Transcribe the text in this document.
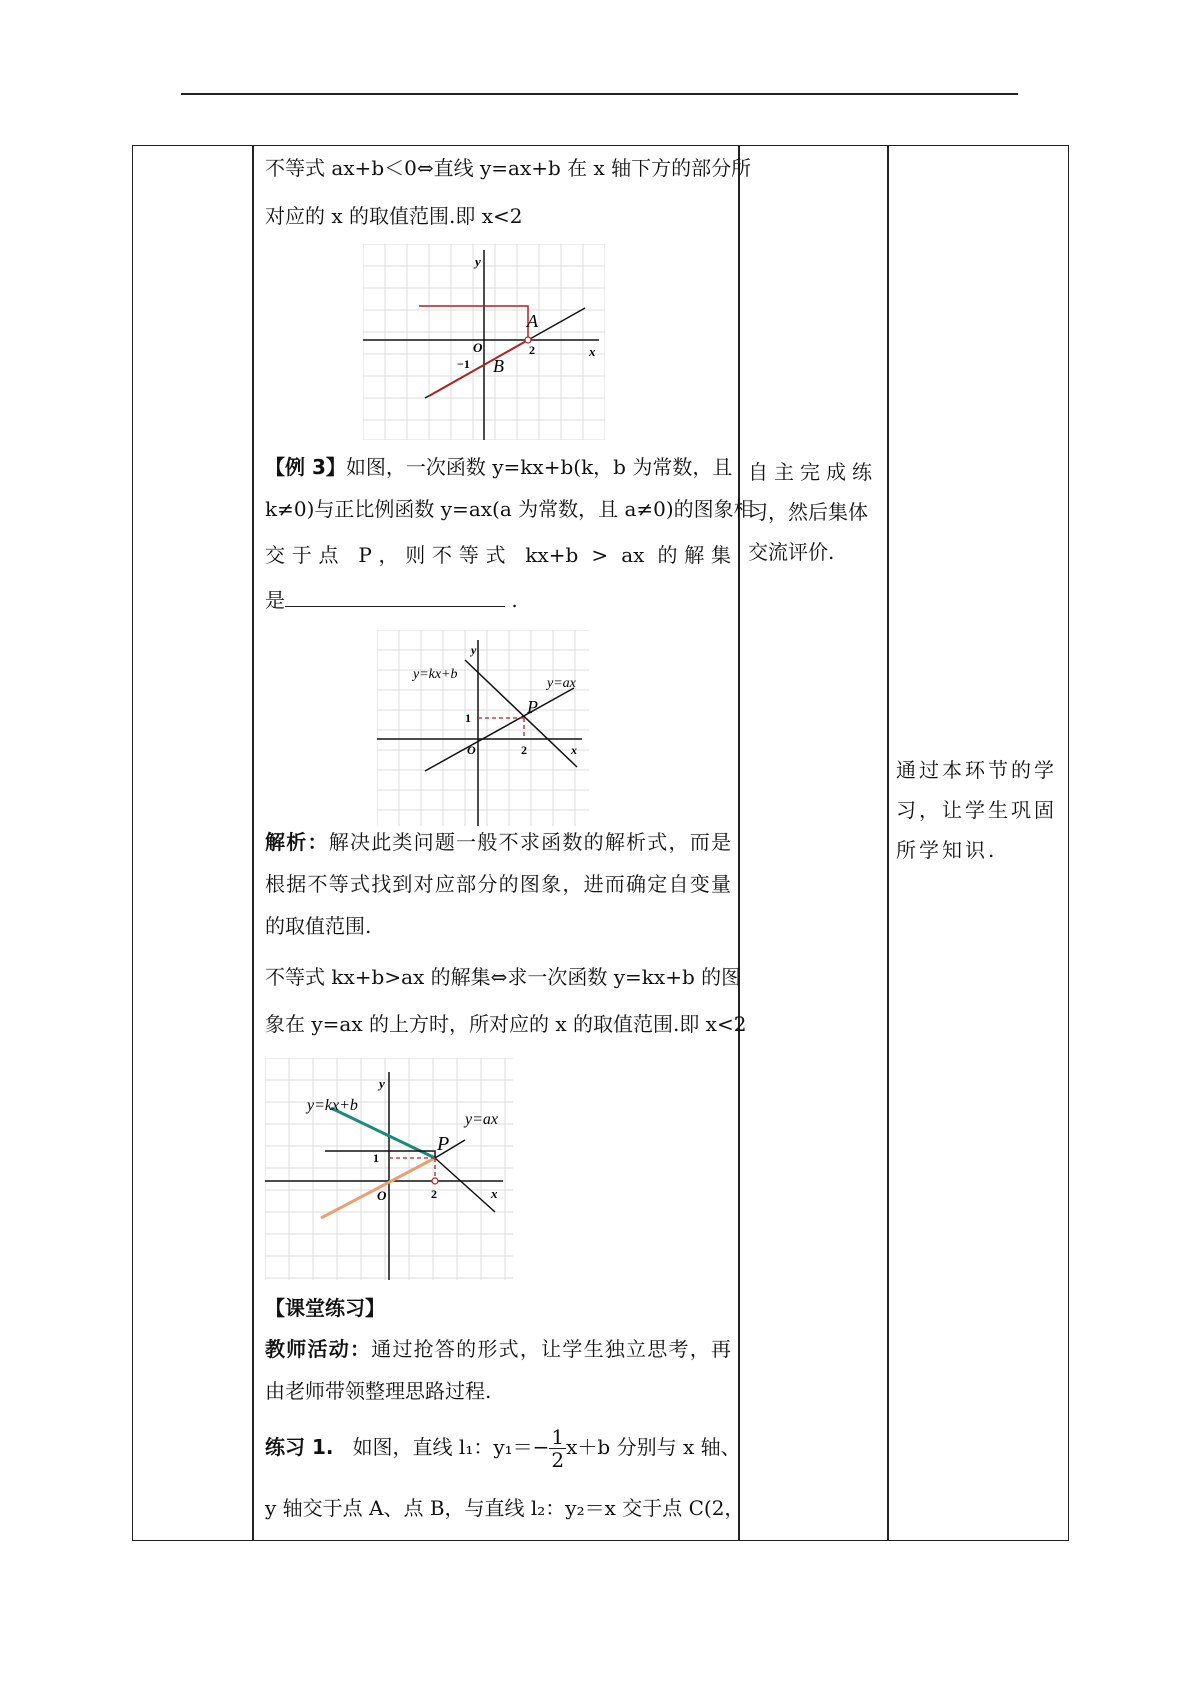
不等式 ax+b＜0⇔直线 y=ax+b 在 x 轴下方的部分所

对应的 x 的取值范围.即 x<2

y
x
O	2
−1
A
B

【例 3】如图，一次函数 y=kx+b(k，b 为常数，且

k≠0)与正比例函数 y=ax(a 为常数，且 a≠0)的图象相

交于点 P，则不等式 kx+b > ax 的解集

是	.

y
x
O
1
2
P
y=kx+b
y=ax

解析：解决此类问题一般不求函数的解析式，而是

根据不等式找到对应部分的图象，进而确定自变量

的取值范围.

不等式 kx+b>ax 的解集⇔求一次函数 y=kx+b 的图

象在 y=ax 的上方时，所对应的 x 的取值范围.即 x<2

y
x
O
1
2
P
y=kx+b
y=ax

【课堂练习】

教师活动：通过抢答的形式，让学生独立思考，再

由老师带领整理思路过程.

练习 1. 如图，直线 l₁：$y_1=- \frac{1}{2} x+b$ 分别与 x 轴、

y 轴交于点 A、点 B，与直线 l₂：y₂＝x 交于点 C(2，

自主完成练
习，然后集体
交流评价.
通过本环节的学
习，让学生巩固
所学知识.
